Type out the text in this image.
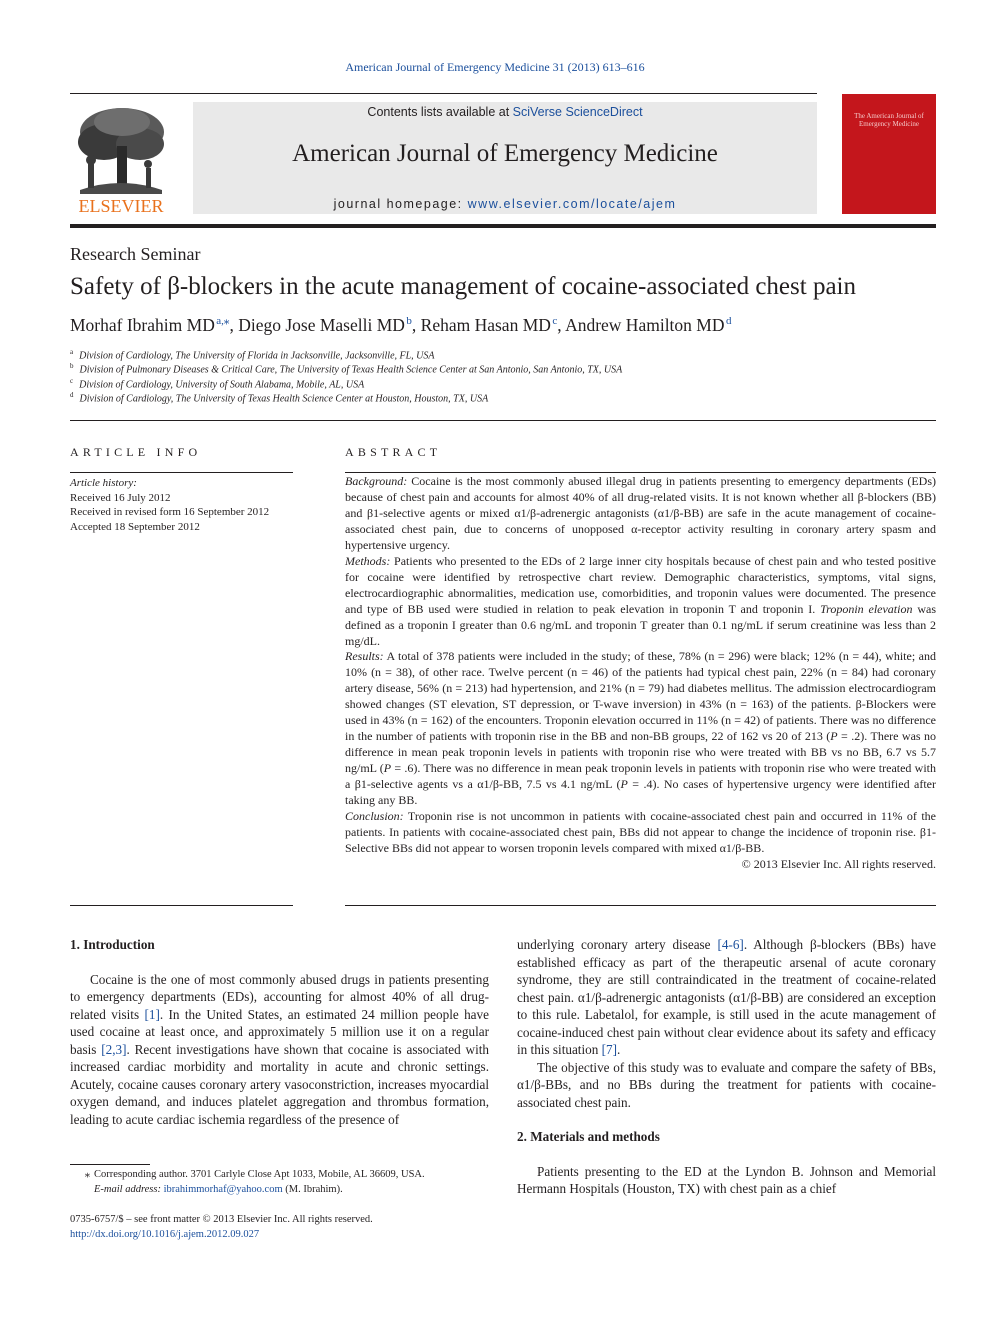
American Journal of Emergency Medicine 31 (2013) 613–616
ELSEVIER
Contents lists available at SciVerse ScienceDirect
American Journal of Emergency Medicine
journal homepage: www.elsevier.com/locate/ajem
The American Journal of Emergency Medicine
Research Seminar
Safety of β-blockers in the acute management of cocaine-associated chest pain
Morhaf Ibrahim MD $^{a,⁎}$, Diego Jose Maselli MD $^b$, Reham Hasan MD $^c$, Andrew Hamilton MD $^d$
$^a$ Division of Cardiology, The University of Florida in Jacksonville, Jacksonville, FL, USA
$^b$ Division of Pulmonary Diseases & Critical Care, The University of Texas Health Science Center at San Antonio, San Antonio, TX, USA
$^c$ Division of Cardiology, University of South Alabama, Mobile, AL, USA
$^d$ Division of Cardiology, The University of Texas Health Science Center at Houston, Houston, TX, USA
ARTICLE INFO
Article history:
Received 16 July 2012
Received in revised form 16 September 2012
Accepted 18 September 2012
ABSTRACT

Background: Cocaine is the most commonly abused illegal drug in patients presenting to emergency departments (EDs) because of chest pain and accounts for almost 40% of all drug-related visits. It is not known whether all β-blockers (BB) and β1-selective agents or mixed α1/β-adrenergic antagonists (α1/β-BB) are safe in the acute management of cocaine-associated chest pain, due to concerns of unopposed α-receptor activity resulting in coronary artery spasm and hypertensive urgency.

Methods: Patients who presented to the EDs of 2 large inner city hospitals because of chest pain and who tested positive for cocaine were identified by retrospective chart review. Demographic characteristics, symptoms, vital signs, electrocardiographic abnormalities, medication use, comorbidities, and troponin values were documented. The presence and type of BB used were studied in relation to peak elevation in troponin T and troponin I. Troponin elevation was defined as a troponin I greater than 0.6 ng/mL and troponin T greater than 0.1 ng/mL if serum creatinine was less than 2 mg/dL.

Results: A total of 378 patients were included in the study; of these, 78% (n = 296) were black; 12% (n = 44), white; and 10% (n = 38), of other race. Twelve percent (n = 46) of the patients had typical chest pain, 22% (n = 84) had coronary artery disease, 56% (n = 213) had hypertension, and 21% (n = 79) had diabetes mellitus. The admission electrocardiogram showed changes (ST elevation, ST depression, or T-wave inversion) in 43% (n = 163) of the patients. β-Blockers were used in 43% (n = 162) of the encounters. Troponin elevation occurred in 11% (n = 42) of patients. There was no difference in the number of patients with troponin rise in the BB and non-BB groups, 22 of 162 vs 20 of 213 (P = .2). There was no difference in mean peak troponin levels in patients with troponin rise who were treated with BB vs no BB, 6.7 vs 5.7 ng/mL (P = .6). There was no difference in mean peak troponin levels in patients with troponin rise who were treated with a β1-selective agents vs a α1/β-BB, 7.5 vs 4.1 ng/mL (P = .4). No cases of hypertensive urgency were identified after taking any BB.

Conclusion: Troponin rise is not uncommon in patients with cocaine-associated chest pain and occurred in 11% of the patients. In patients with cocaine-associated chest pain, BBs did not appear to change the incidence of troponin rise. β1-Selective BBs did not appear to worsen troponin levels compared with mixed α1/β-BB.

© 2013 Elsevier Inc. All rights reserved.

1. Introduction

Cocaine is the one of most commonly abused drugs in patients presenting to emergency departments (EDs), accounting for almost 40% of all drug-related visits [1]. In the United States, an estimated 24 million people have used cocaine at least once, and approximately 5 million use it on a regular basis [2,3]. Recent investigations have shown that cocaine is associated with increased cardiac morbidity and mortality in acute and chronic settings. Acutely, cocaine causes coronary artery vasoconstriction, increases myocardial oxygen demand, and induces platelet aggregation and thrombus formation, leading to acute cardiac ischemia regardless of the presence of

underlying coronary artery disease [4-6]. Although β-blockers (BBs) have established efficacy as part of the therapeutic arsenal of acute coronary syndrome, they are still contraindicated in the treatment of cocaine-related chest pain. α1/β-adrenergic antagonists (α1/β-BB) are considered an exception to this rule. Labetalol, for example, is still used in the acute management of cocaine-induced chest pain without clear evidence about its safety and efficacy in this situation [7].

The objective of this study was to evaluate and compare the safety of BBs, α1/β-BBs, and no BBs during the treatment for patients with cocaine-associated chest pain.

2. Materials and methods

Patients presenting to the ED at the Lyndon B. Johnson and Memorial Hermann Hospitals (Houston, TX) with chest pain as a chief

⁎ Corresponding author. 3701 Carlyle Close Apt 1033, Mobile, AL 36609, USA.
E-mail address: ibrahimmorhaf@yahoo.com (M. Ibrahim).
0735-6757/$ – see front matter © 2013 Elsevier Inc. All rights reserved.
http://dx.doi.org/10.1016/j.ajem.2012.09.027
